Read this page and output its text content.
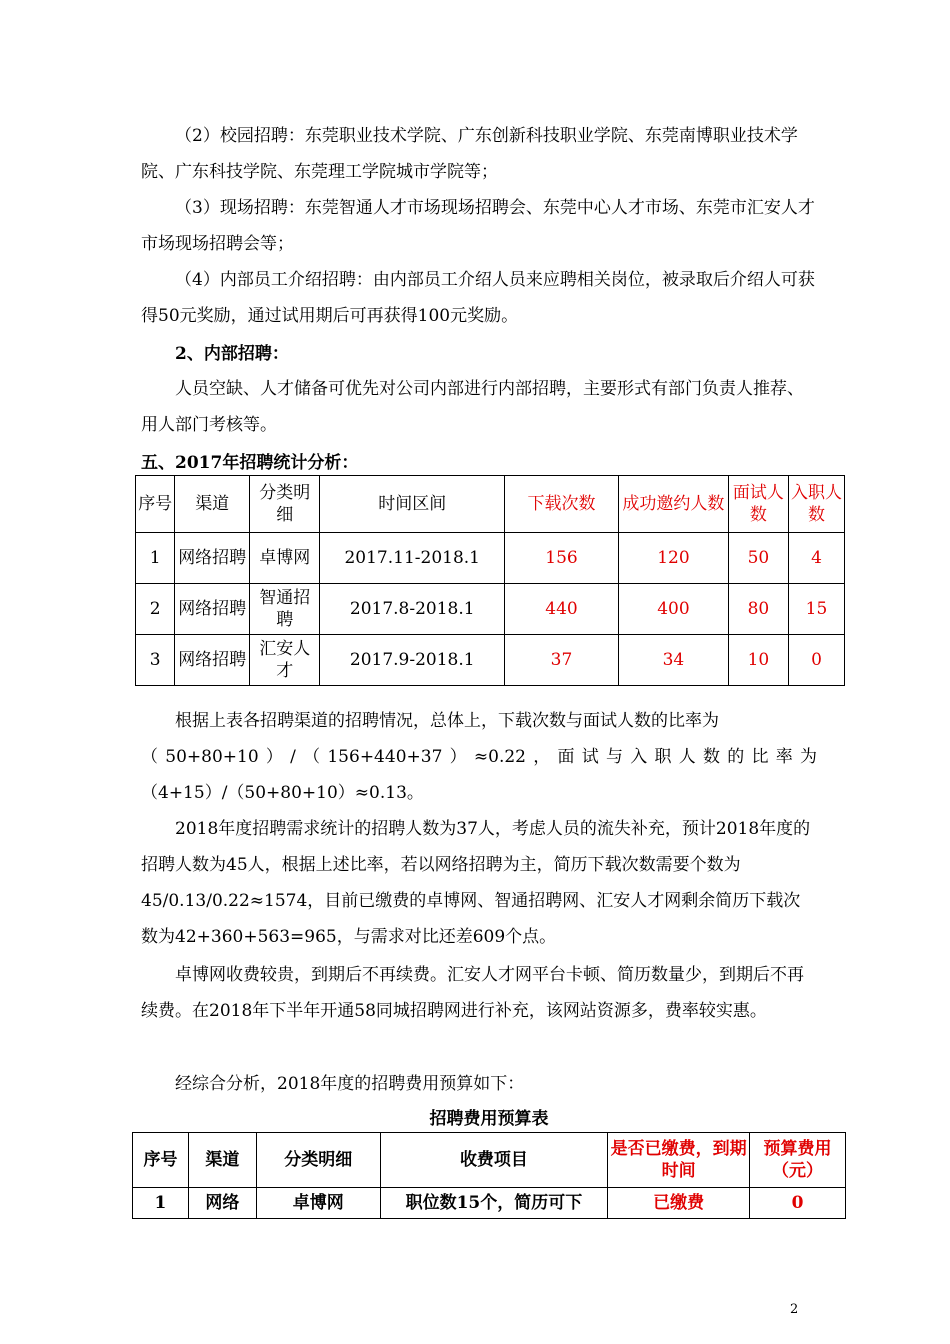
（2）校园招聘：东莞职业技术学院、广东创新科技职业学院、东莞南博职业技术学院、广东科技学院、东莞理工学院城市学院等；

（3）现场招聘：东莞智通人才市场现场招聘会、东莞中心人才市场、东莞市汇安人才市场现场招聘会等；

（4）内部员工介绍招聘：由内部员工介绍人员来应聘相关岗位，被录取后介绍人可获得50元奖励，通过试用期后可再获得100元奖励。

2、内部招聘：

人员空缺、人才储备可优先对公司内部进行内部招聘，主要形式有部门负责人推荐、用人部门考核等。

五、2017年招聘统计分析：

序号	渠道	分类明细	时间区间	下载次数	成功邀约人数	面试人数	入职人数
1	网络招聘	卓博网	2017.11-2018.1	156	120	50	4
2	网络招聘	智通招聘	2017.8-2018.1	440	400	80	15
3	网络招聘	汇安人才	2017.9-2018.1	37	34	10	0

根据上表各招聘渠道的招聘情况，总体上，下载次数与面试人数的比率为

（50+80+10）/（156+440+37）≈0.22，面试与入职人数的比率为

（4+15）/（50+80+10）≈0.13。

2018年度招聘需求统计的招聘人数为37人，考虑人员的流失补充，预计2018年度的招聘人数为45人，根据上述比率，若以网络招聘为主，简历下载次数需要个数为45/0.13/0.22≈1574，目前已缴费的卓博网、智通招聘网、汇安人才网剩余简历下载次数为42+360+563=965，与需求对比还差609个点。

卓博网收费较贵，到期后不再续费。汇安人才网平台卡顿、简历数量少，到期后不再续费。在2018年下半年开通58同城招聘网进行补充，该网站资源多，费率较实惠。

经综合分析，2018年度的招聘费用预算如下：

招聘费用预算表

序号	渠道	分类明细	收费项目	是否已缴费，到期时间	预算费用（元）
1	网络	卓博网	职位数15个，简历可下	已缴费	0
2
